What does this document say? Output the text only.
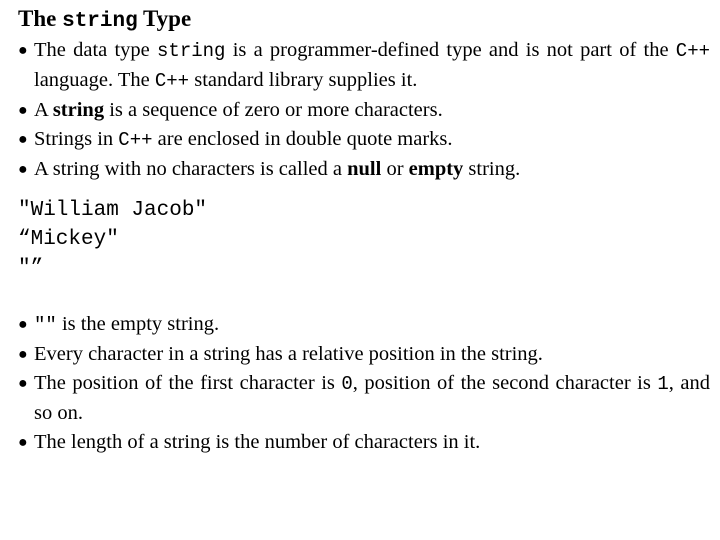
The string Type
● The data type string is a programmer-defined type and is not part of the C++ language. The C++ standard library supplies it.
● A string is a sequence of zero or more characters.
● Strings in C++ are enclosed in double quote marks.
● A string with no characters is called a null or empty string.
"William Jacob"
“Mickey"
"”
● "" is the empty string.
● Every character in a string has a relative position in the string.
● The position of the first character is 0, position of the second character is 1, and so on.
● The length of a string is the number of characters in it.
